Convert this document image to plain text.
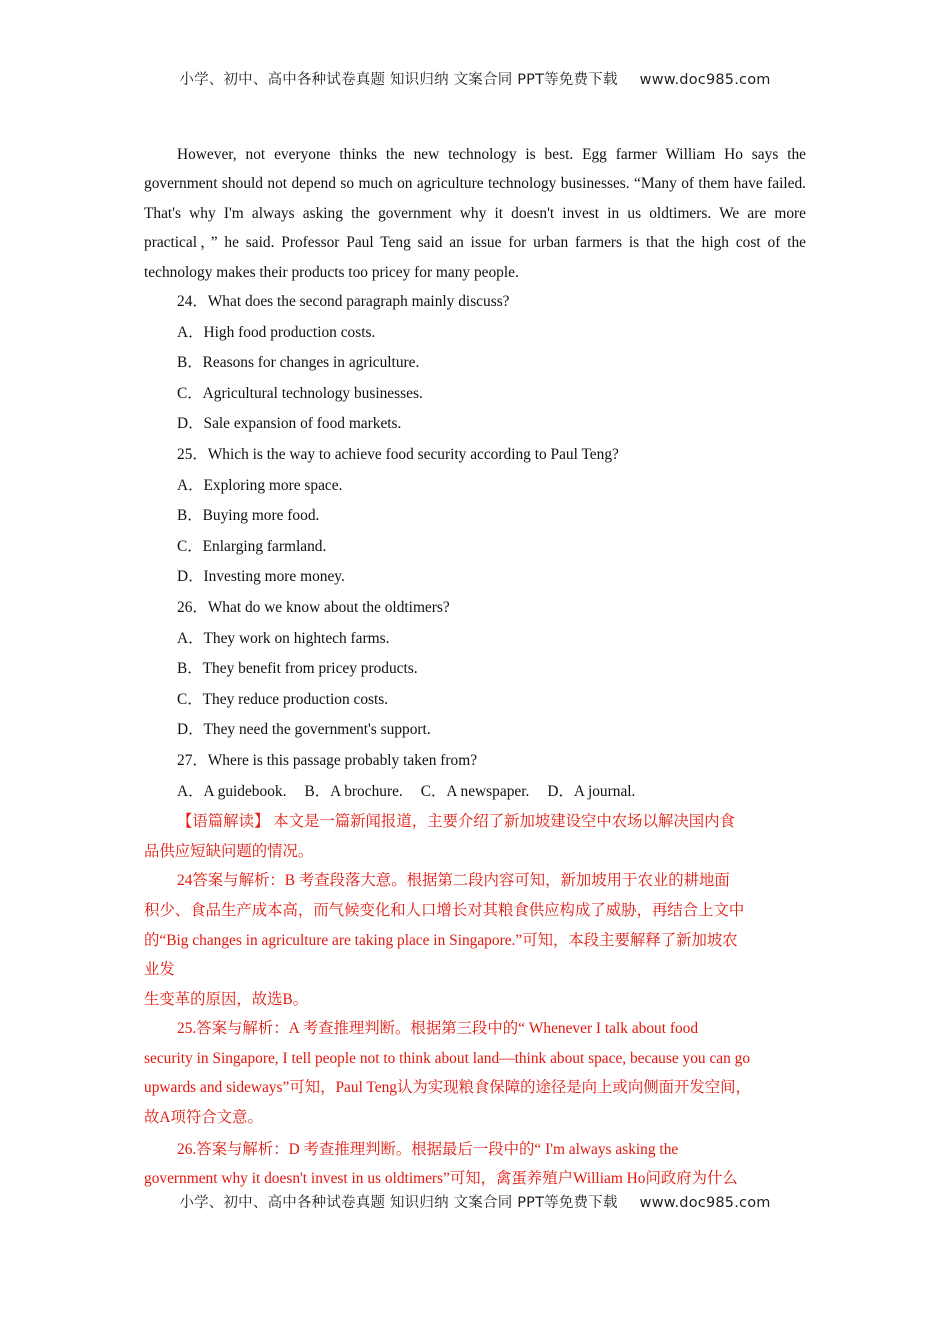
小学、初中、高中各种试卷真题 知识归纳 文案合同 PPT等免费下载 www.doc985.com

However, not everyone thinks the new technology is best. Egg farmer William Ho says the government should not depend so much on agriculture technology businesses. “Many of them have failed. That's why I'm always asking the government why it doesn't invest in us oldtimers. We are more practical，” he said. Professor Paul Teng said an issue for urban farmers is that the high cost of the technology makes their products too pricey for many people.

24．What does the second paragraph mainly discuss?
A．High food production costs.
B．Reasons for changes in agriculture.
C．Agricultural technology businesses.
D．Sale expansion of food markets.
25．Which is the way to achieve food security according to Paul Teng?
A．Exploring more space.
B．Buying more food.
C．Enlarging farmland.
D．Investing more money.
26．What do we know about the oldtimers?
A．They work on hightech farms.
B．They benefit from pricey products.
C．They reduce production costs.
D．They need the government's support.
27．Where is this passage probably taken from?
A．A guidebook. B．A brochure. C．A newspaper. D．A journal.
【语篇解读】 本文是一篇新闻报道，主要介绍了新加坡建设空中农场以解决国内食
品供应短缺问题的情况。
24答案与解析：B 考查段落大意。根据第二段内容可知，新加坡用于农业的耕地面
积少、食品生产成本高，而气候变化和人口增长对其粮食供应构成了威胁，再结合上文中
的“Big changes in agriculture are taking place in Singapore.”可知，本段主要解释了新加坡农
业发
生变革的原因，故选B。
25.答案与解析：A 考查推理判断。根据第三段中的“ Whenever I talk about food
security in Singapore, I tell people not to think about land—think about space, because you can go
upwards and sideways”可知，Paul Teng认为实现粮食保障的途径是向上或向侧面开发空间，
故A项符合文意。
26.答案与解析：D 考查推理判断。根据最后一段中的“ I'm always asking the
government why it doesn't invest in us oldtimers”可知，禽蛋养殖户William Ho问政府为什么
小学、初中、高中各种试卷真题 知识归纳 文案合同 PPT等免费下载 www.doc985.com
